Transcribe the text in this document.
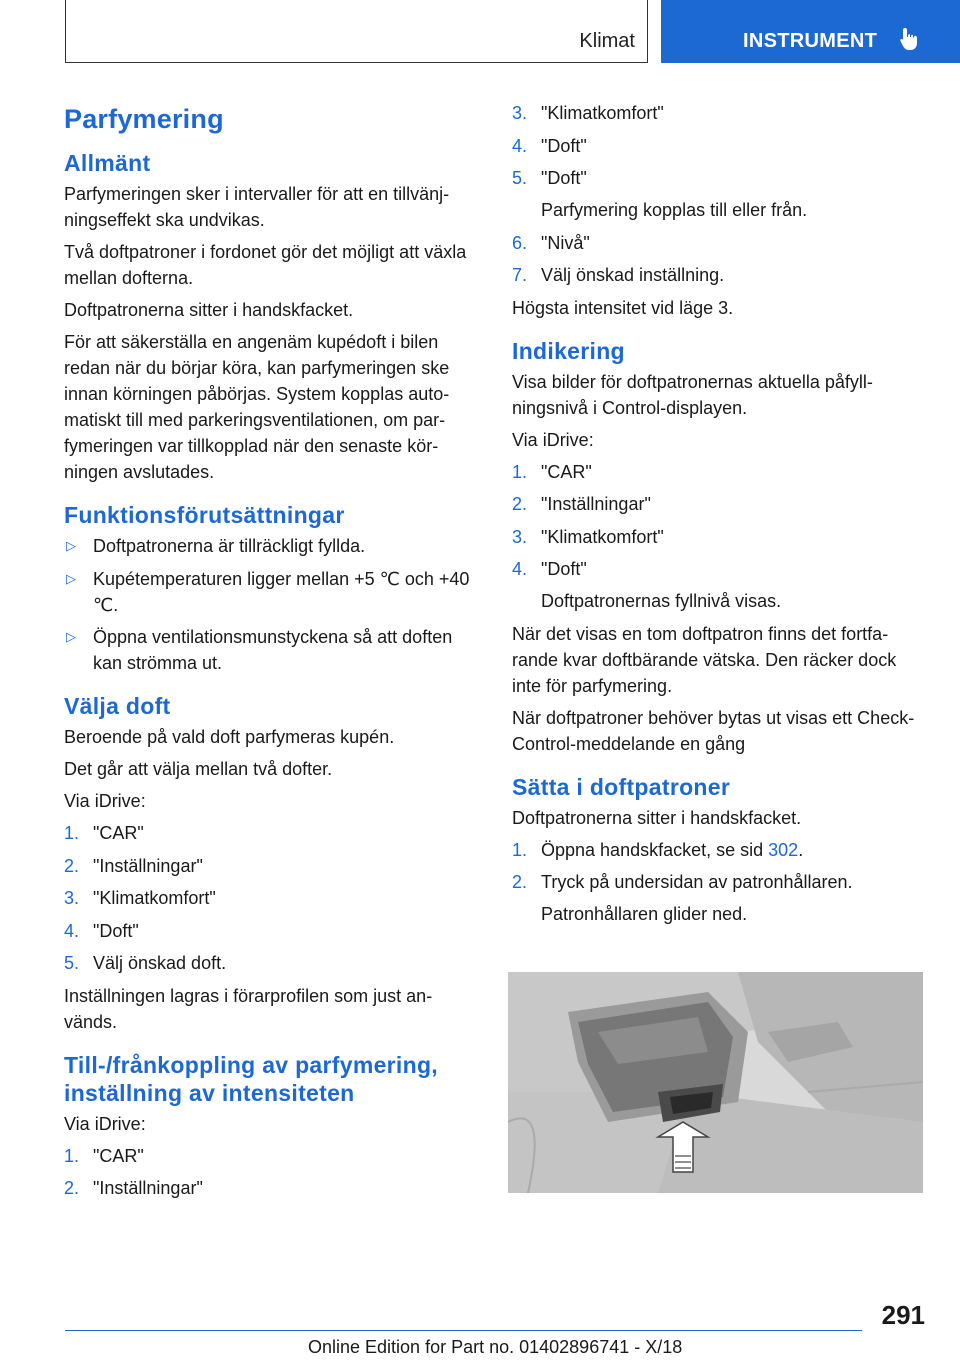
Klimat	INSTRUMENT
Parfymering
Allmänt

Parfymeringen sker i intervaller för att en tillvänj-ningseffekt ska undvikas.

Två doftpatroner i fordonet gör det möjligt att växla mellan dofterna.

Doftpatronerna sitter i handskfacket.

För att säkerställa en angenäm kupédoft i bilen redan när du börjar köra, kan parfymeringen ske innan körningen påbörjas. System kopplas auto-matiskt till med parkeringsventilationen, om par-fymeringen var tillkopplad när den senaste kör-ningen avslutades.

Funktionsförutsättningar
▷ Doftpatronerna är tillräckligt fyllda.
▷ Kupétemperaturen ligger mellan +5 ℃ och +40 ℃.
▷ Öppna ventilationsmunstyckena så att doften kan strömma ut.
Välja doft

Beroende på vald doft parfymeras kupén.

Det går att välja mellan två dofter.

Via iDrive:

1. "CAR"
2. "Inställningar"
3. "Klimatkomfort"
4. "Doft"
5. Välj önskad doft.

Inställningen lagras i förarprofilen som just an-vänds.

Till-/frånkoppling av parfymering, inställning av intensiteten

Via iDrive:

1. "CAR"
2. "Inställningar"
3. "Klimatkomfort"
4. "Doft"
5. "Doft"
Parfymering kopplas till eller från.
6. "Nivå"
7. Välj önskad inställning.

Högsta intensitet vid läge 3.

Indikering

Visa bilder för doftpatronernas aktuella påfyll-ningsnivå i Control-displayen.

Via iDrive:

1. "CAR"
2. "Inställningar"
3. "Klimatkomfort"
4. "Doft"
Doftpatronernas fyllnivå visas.

När det visas en tom doftpatron finns det fortfa-rande kvar doftbärande vätska. Den räcker dock inte för parfymering.

När doftpatroner behöver bytas ut visas ett Check-Control-meddelande en gång

Sätta i doftpatroner

Doftpatronerna sitter i handskfacket.

1. Öppna handskfacket, se sid 302.
2. Tryck på undersidan av patronhållaren.
Patronhållaren glider ned.
291
Online Edition for Part no. 01402896741 - X/18
